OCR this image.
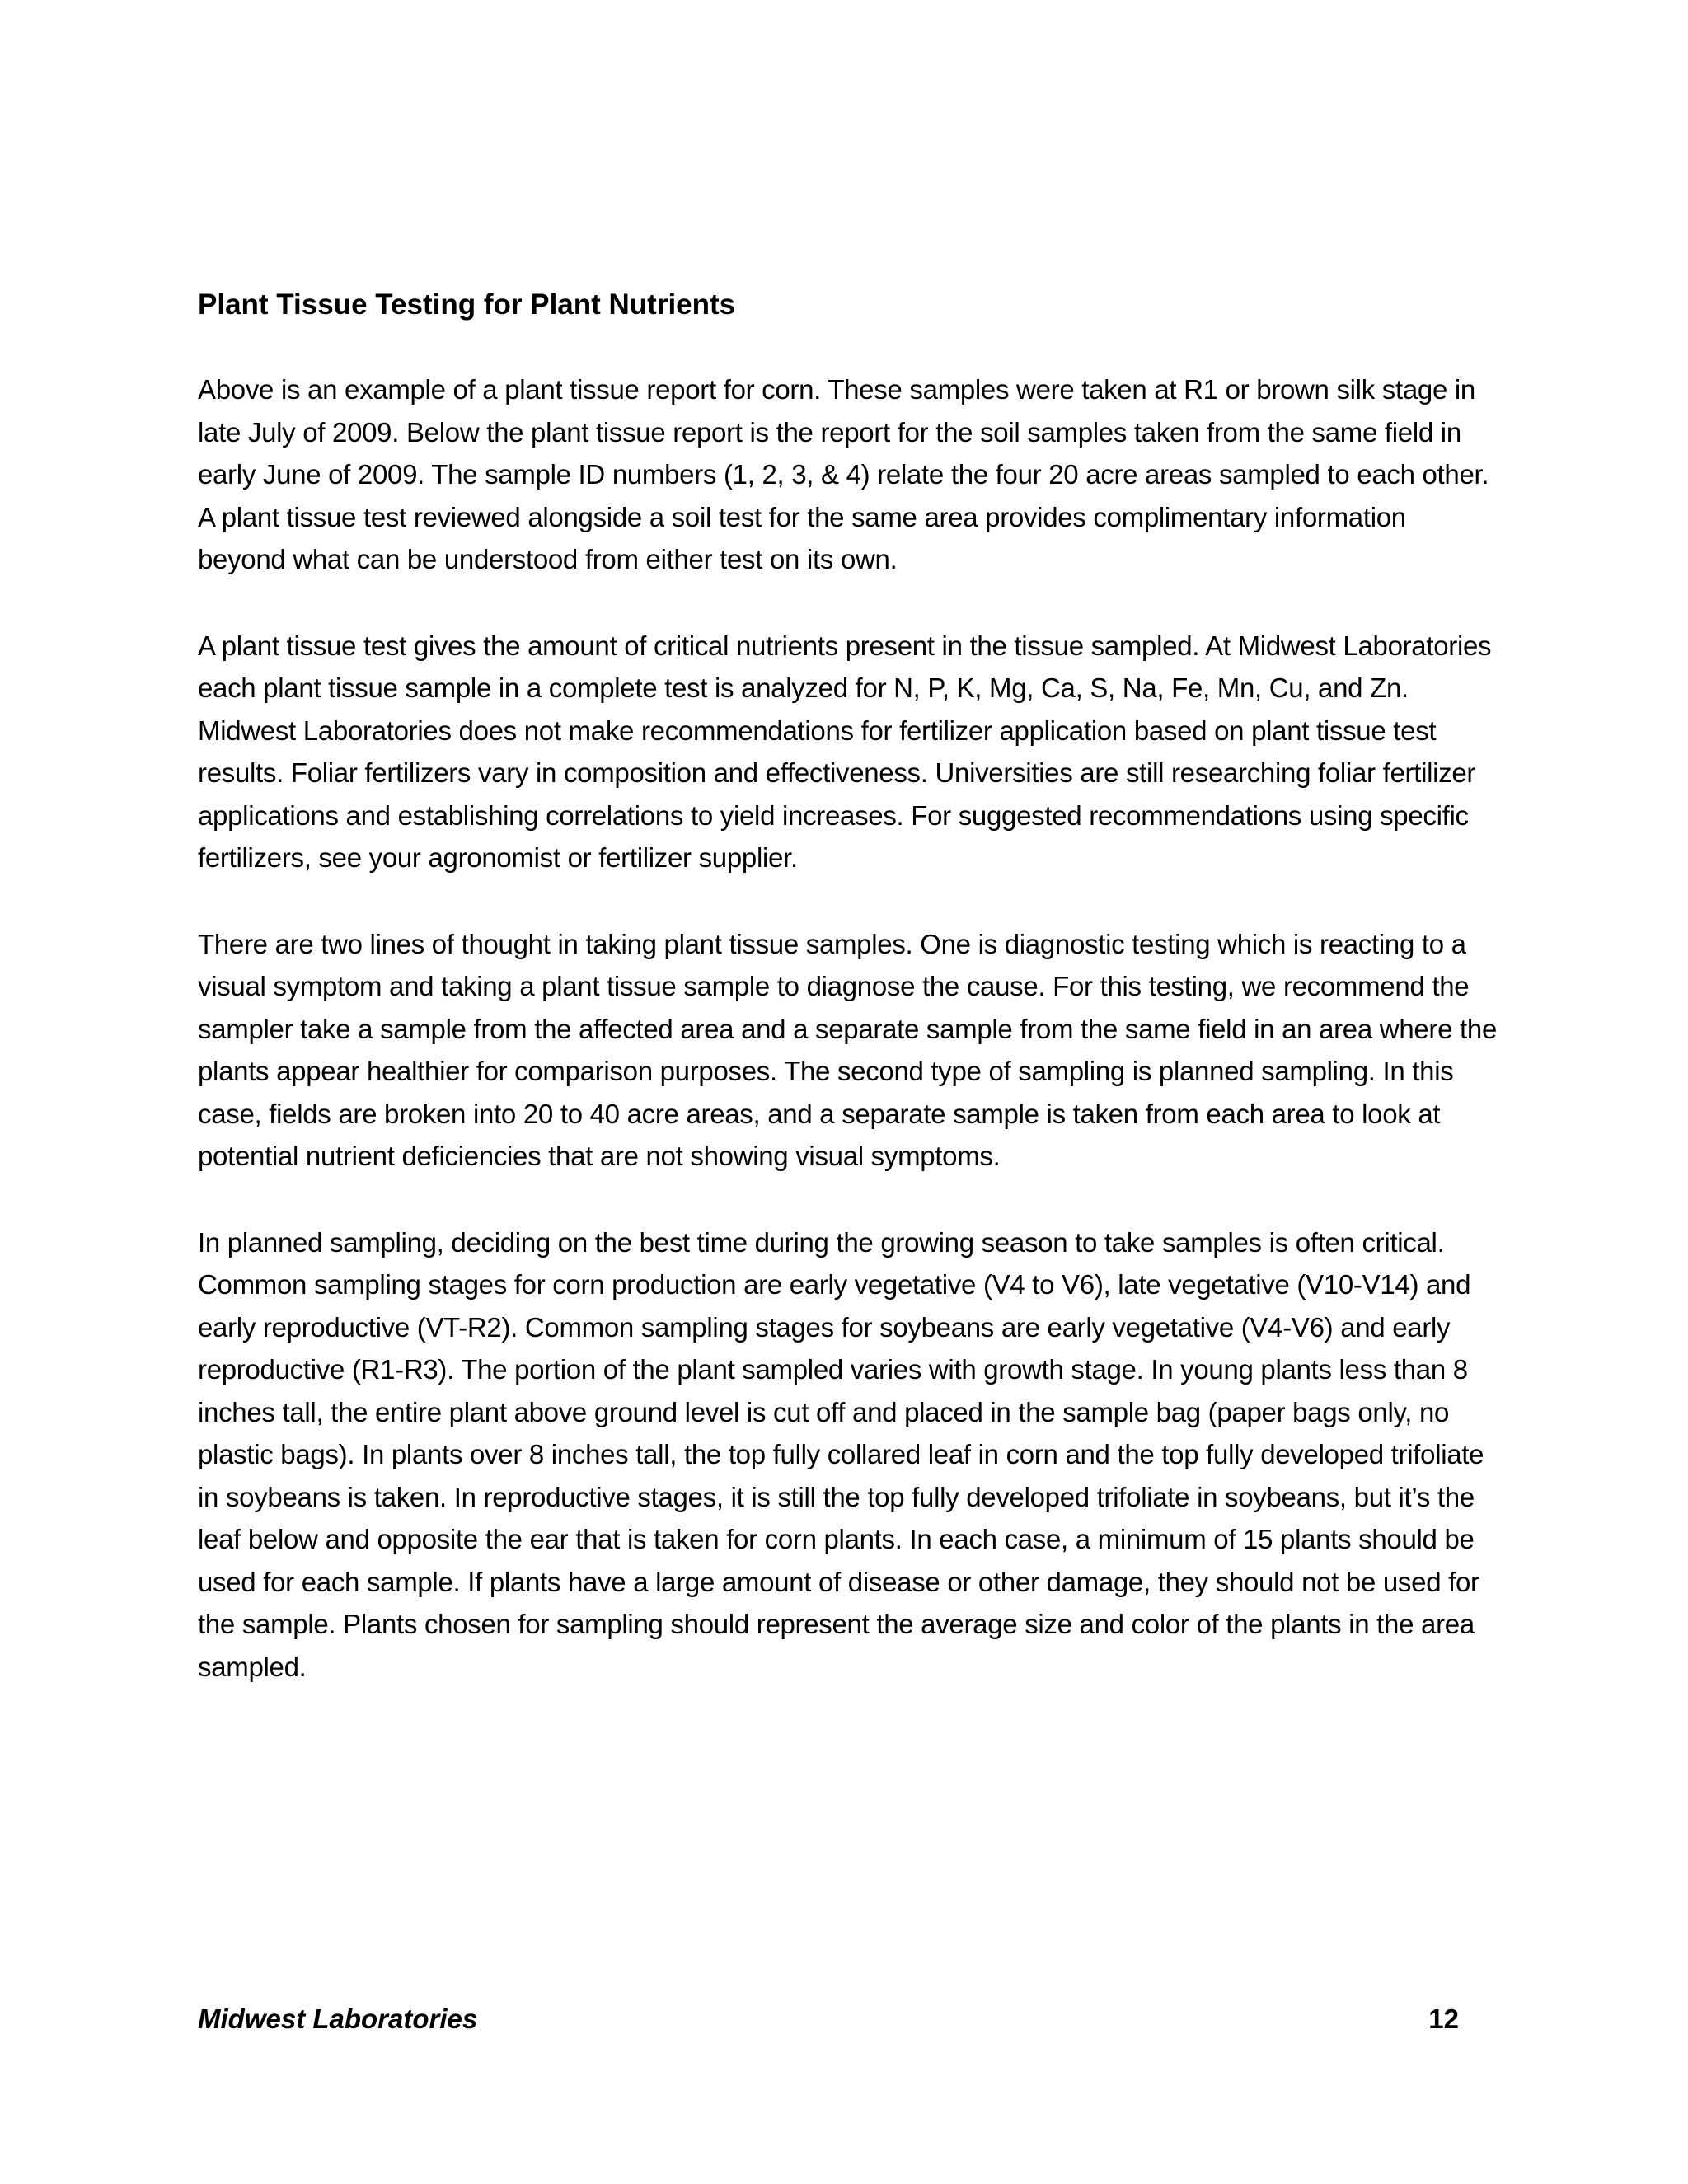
Plant Tissue Testing for Plant Nutrients

Above is an example of a plant tissue report for corn. These samples were taken at R1 or brown silk stage in late July of 2009. Below the plant tissue report is the report for the soil samples taken from the same field in early June of 2009. The sample ID numbers (1, 2, 3, & 4) relate the four 20 acre areas sampled to each other. A plant tissue test reviewed alongside a soil test for the same area provides complimentary information beyond what can be understood from either test on its own.

A plant tissue test gives the amount of critical nutrients present in the tissue sampled. At Midwest Laboratories each plant tissue sample in a complete test is analyzed for N, P, K, Mg, Ca, S, Na, Fe, Mn, Cu, and Zn. Midwest Laboratories does not make recommendations for fertilizer application based on plant tissue test results. Foliar fertilizers vary in composition and effectiveness. Universities are still researching foliar fertilizer applications and establishing correlations to yield increases. For suggested recommendations using specific fertilizers, see your agronomist or fertilizer supplier.

There are two lines of thought in taking plant tissue samples. One is diagnostic testing which is reacting to a visual symptom and taking a plant tissue sample to diagnose the cause. For this testing, we recommend the sampler take a sample from the affected area and a separate sample from the same field in an area where the plants appear healthier for comparison purposes. The second type of sampling is planned sampling. In this case, fields are broken into 20 to 40 acre areas, and a separate sample is taken from each area to look at potential nutrient deficiencies that are not showing visual symptoms.

In planned sampling, deciding on the best time during the growing season to take samples is often critical. Common sampling stages for corn production are early vegetative (V4 to V6), late vegetative (V10-V14) and early reproductive (VT-R2). Common sampling stages for soybeans are early vegetative (V4-V6) and early reproductive (R1-R3). The portion of the plant sampled varies with growth stage. In young plants less than 8 inches tall, the entire plant above ground level is cut off and placed in the sample bag (paper bags only, no plastic bags). In plants over 8 inches tall, the top fully collared leaf in corn and the top fully developed trifoliate in soybeans is taken. In reproductive stages, it is still the top fully developed trifoliate in soybeans, but it’s the leaf below and opposite the ear that is taken for corn plants. In each case, a minimum of 15 plants should be used for each sample. If plants have a large amount of disease or other damage, they should not be used for the sample. Plants chosen for sampling should represent the average size and color of the plants in the area sampled.

Midwest Laboratories	12
